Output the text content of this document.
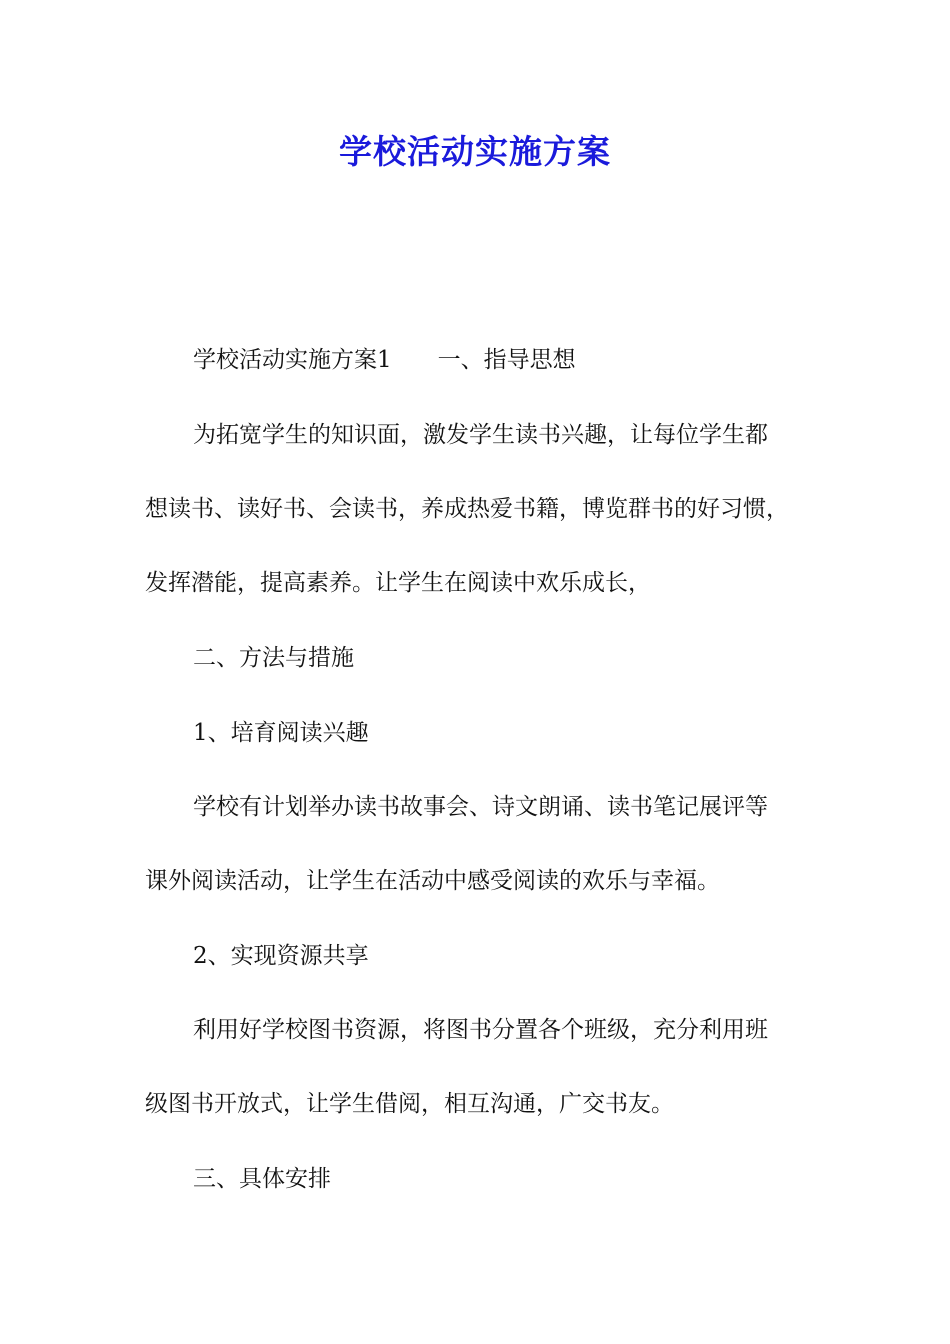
学校活动实施方案
学校活动实施方案1 一、指导思想
为拓宽学生的知识面，激发学生读书兴趣，让每位学生都
想读书、读好书、会读书，养成热爱书籍，博览群书的好习惯，
发挥潜能，提高素养。让学生在阅读中欢乐成长，
二、方法与措施
1、培育阅读兴趣
学校有计划举办读书故事会、诗文朗诵、读书笔记展评等
课外阅读活动，让学生在活动中感受阅读的欢乐与幸福。
2、实现资源共享
利用好学校图书资源，将图书分置各个班级，充分利用班
级图书开放式，让学生借阅，相互沟通，广交书友。
三、具体安排
